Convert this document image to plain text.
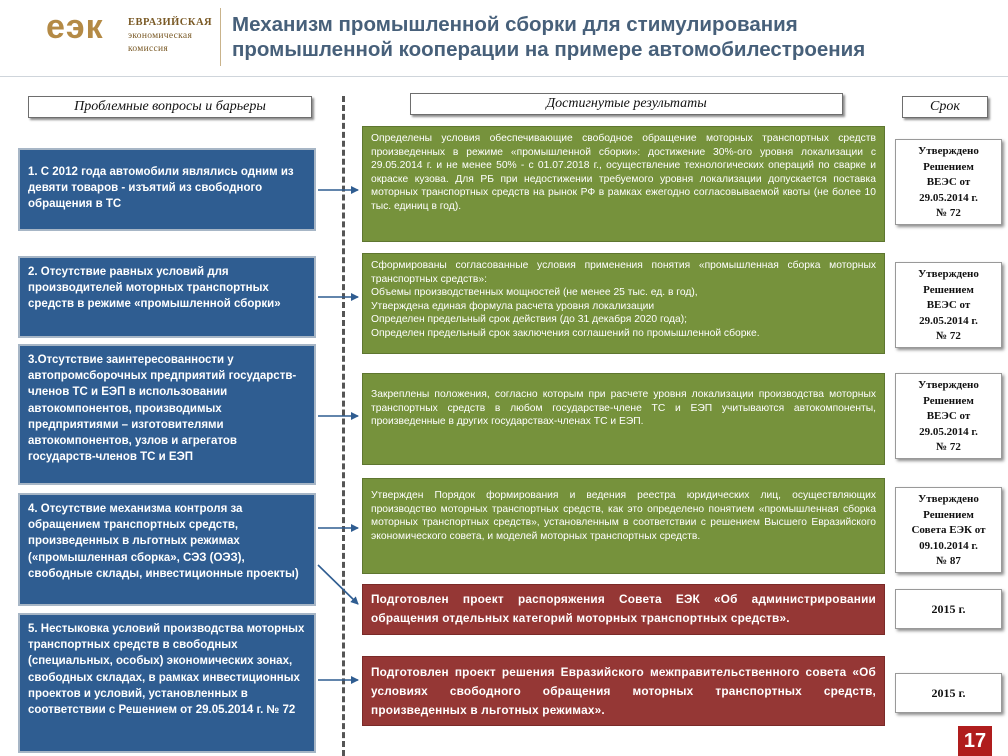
еэк ЕВРАЗИЙСКАЯ
экономическая
комиссия
Механизм промышленной сборки для стимулирования
промышленной кооперации на примере автомобилестроения
Проблемные вопросы и барьеры	Достигнутые результаты	Срок
1. С 2012 года автомобили являлись одним из девяти товаров - изъятий из свободного обращения в ТС
2. Отсутствие равных условий для производителей моторных транспортных средств в режиме «промышленной сборки»
3.Отсутствие заинтересованности у автопромсборочных предприятий государств-членов ТС и ЕЭП в использовании автокомпонентов, производимых предприятиями – изготовителями автокомпонентов, узлов и агрегатов государств-членов ТС и ЕЭП
4. Отсутствие механизма контроля за обращением транспортных средств, произведенных в льготных режимах («промышленная сборка», СЭЗ (ОЭЗ), свободные склады, инвестиционные проекты)
5. Нестыковка условий производства моторных транспортных средств в свободных (специальных, особых) экономических зонах, свободных складах, в рамках инвестиционных проектов и условий, установленных в соответствии с Решением от 29.05.2014 г. № 72
Определены условия обеспечивающие свободное обращение моторных транспортных средств произведенных в режиме «промышленной сборки»: достижение 30%-ого уровня локализации с 29.05.2014 г. и не менее 50% - с 01.07.2018 г., осуществление технологических операций по сварке и окраске кузова. Для РБ при недостижении требуемого уровня локализации допускается поставка моторных транспортных средств на рынок РФ в рамках ежегодно согласовываемой квоты (не более 10 тыс. единиц в год).
Сформированы согласованные условия применения понятия «промышленная сборка моторных транспортных средств»:
Объемы производственных мощностей (не менее 25 тыс. ед. в год),
Утверждена единая формула расчета уровня локализации
Определен предельный срок действия (до 31 декабря 2020 года);
Определен предельный срок заключения соглашений по промышленной сборке.
Закреплены положения, согласно которым при расчете уровня локализации производства моторных транспортных средств в любом государстве-члене ТС и ЕЭП учитываются автокомпоненты, произведенные в других государствах-членах ТС и ЕЭП.
Утвержден Порядок формирования и ведения реестра юридических лиц, осуществляющих производство моторных транспортных средств, как это определено понятием «промышленная сборка моторных транспортных средств», установленным в соответствии с решением Высшего Евразийского экономического совета, и моделей моторных транспортных средств.
Подготовлен проект распоряжения Совета ЕЭК «Об администрировании обращения отдельных категорий моторных транспортных средств».
Подготовлен проект решения Евразийского межправительственного совета «Об условиях свободного обращения моторных транспортных средств, произведенных в льготных режимах».
Утверждено
Решением
ВЕЭС от
29.05.2014 г.
№ 72
Утверждено
Решением
ВЕЭС от
29.05.2014 г.
№ 72
Утверждено
Решением
ВЕЭС от
29.05.2014 г.
№ 72
Утверждено
Решением
Совета ЕЭК от
09.10.2014 г.
№ 87
2015 г.
2015 г.
17
